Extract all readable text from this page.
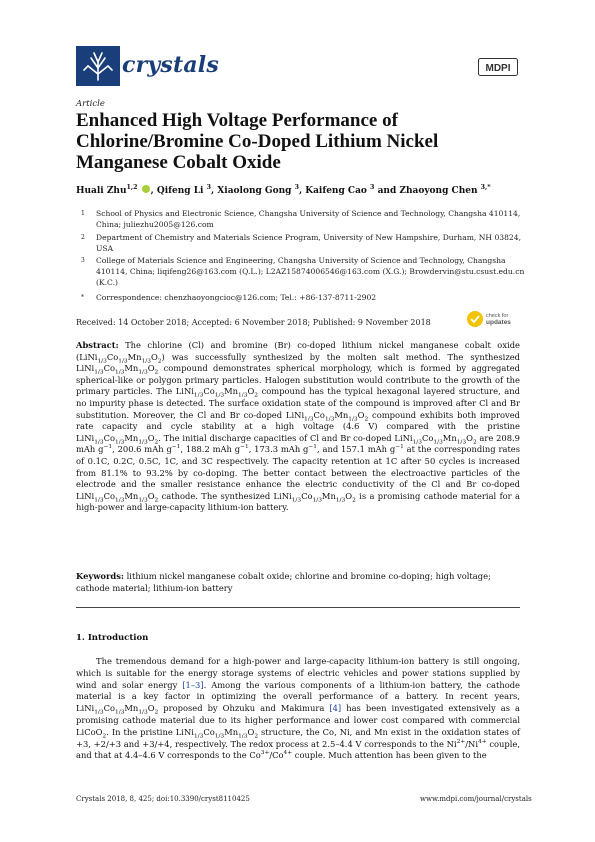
crystals	MDPI
Article
Enhanced High Voltage Performance of Chlorine/Bromine Co-Doped Lithium Nickel Manganese Cobalt Oxide
Huali Zhu$^{1,2}$ , Qifeng Li $^3$, Xiaolong Gong $^3$, Kaifeng Cao $^3$ and Zhaoyong Chen $^{3,*}$
1 School of Physics and Electronic Science, Changsha University of Science and Technology, Changsha 410114, China; juliezhu2005@126.com
2 Department of Chemistry and Materials Science Program, University of New Hampshire, Durham, NH 03824, USA
3 College of Materials Science and Engineering, Changsha University of Science and Technology, Changsha 410114, China; liqifeng26@163.com (Q.L.); L2AZ15874006546@163.com (X.G.); Browdervin@stu.csust.edu.cn (K.C.)
* Correspondence: chenzhaoyongcioc@126.com; Tel.: +86-137-8711-2902
Received: 14 October 2018; Accepted: 6 November 2018; Published: 9 November 2018
check for
updates
Abstract: The chlorine (Cl) and bromine (Br) co-doped lithium nickel manganese cobalt oxide $(LiNi_{1/3}Co_{1/3}Mn_{1/3}O_2)$ was successfully synthesized by the molten salt method. The synthesized $LiNi_{1/3}Co_{1/3}Mn_{1/3}O_2$ compound demonstrates spherical morphology, which is formed by aggregated spherical-like or polygon primary particles. Halogen substitution would contribute to the growth of the primary particles. The $LiNi_{1/3}Co_{1/3}Mn_{1/3}O_2$ compound has the typical hexagonal layered structure, and no impurity phase is detected. The surface oxidation state of the compound is improved after Cl and Br substitution. Moreover, the Cl and Br co-doped $LiNi_{1/3}Co_{1/3}Mn_{1/3}O_2$ compound exhibits both improved rate capacity and cycle stability at a high voltage (4.6 V) compared with the pristine $LiNi_{1/3}Co_{1/3}Mn_{1/3}O_2$. The initial discharge capacities of Cl and Br co-doped $LiNi_{1/3}Co_{1/3}Mn_{1/3}O_2$ are 208.9 mAh $g^{-1}$, 200.6 mAh $g^{-1}$, 188.2 mAh $g^{-1}$, 173.3 mAh $g^{-1}$, and 157.1 mAh $g^{-1}$ at the corresponding rates of 0.1C, 0.2C, 0.5C, 1C, and 3C respectively. The capacity retention at 1C after 50 cycles is increased from 81.1% to 93.2% by co-doping. The better contact between the electroactive particles of the electrode and the smaller resistance enhance the electric conductivity of the Cl and Br co-doped $LiNi_{1/3}Co_{1/3}Mn_{1/3}O_2$ cathode. The synthesized $LiNi_{1/3}Co_{1/3}Mn_{1/3}O_2$ is a promising cathode material for a high-power and large-capacity lithium-ion battery.
Keywords: lithium nickel manganese cobalt oxide; chlorine and bromine co-doping; high voltage; cathode material; lithium-ion battery
1. Introduction
The tremendous demand for a high-power and large-capacity lithium-ion battery is still ongoing, which is suitable for the energy storage systems of electric vehicles and power stations supplied by wind and solar energy [1–3]. Among the various components of a lithium-ion battery, the cathode material is a key factor in optimizing the overall performance of a battery. In recent years, $LiNi_{1/3}Co_{1/3}Mn_{1/3}O_2$ proposed by Ohzuku and Makimura [4] has been investigated extensively as a promising cathode material due to its higher performance and lower cost compared with commercial LiCoO$_2$. In the pristine $LiNi_{1/3}Co_{1/3}Mn_{1/3}O_2$ structure, the Co, Ni, and Mn exist in the oxidation states of +3, +2/+3 and +3/+4, respectively. The redox process at 2.5–4.4 V corresponds to the $Ni^{2+}/Ni^{4+}$ couple, and that at 4.4–4.6 V corresponds to the $Co^{3+}/Co^{4+}$ couple. Much attention has been given to the
Crystals 2018, 8, 425; doi:10.3390/cryst8110425	www.mdpi.com/journal/crystals
